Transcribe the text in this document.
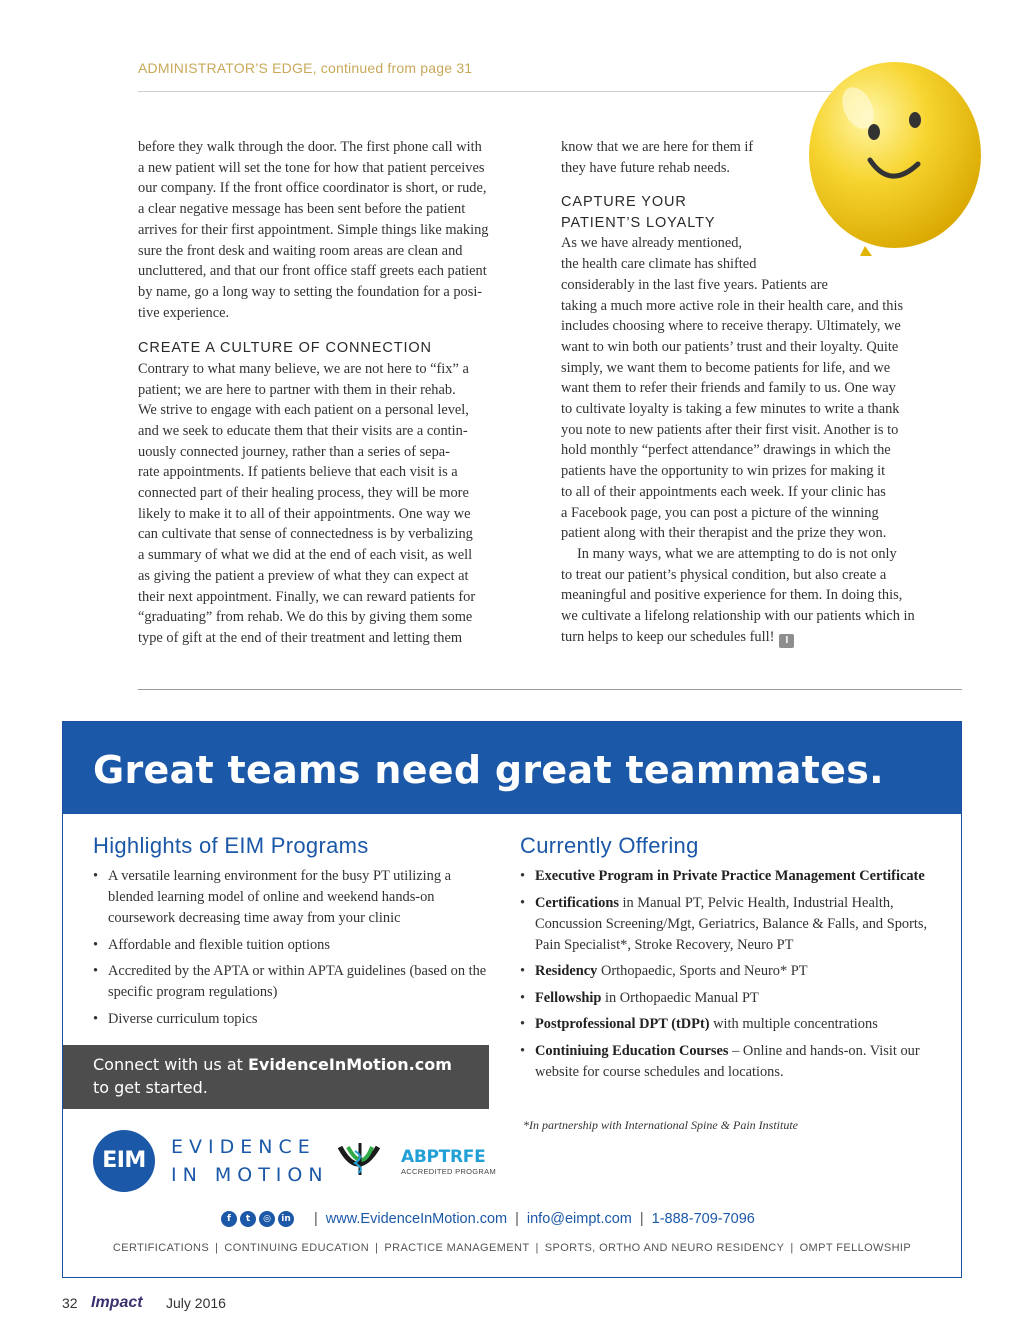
ADMINISTRATOR’S EDGE, continued from page 31

before they walk through the door. The first phone call with
a new patient will set the tone for how that patient perceives
our company. If the front office coordinator is short, or rude,
a clear negative message has been sent before the patient
arrives for their first appointment. Simple things like making
sure the front desk and waiting room areas are clean and
uncluttered, and that our front office staff greets each patient
by name, go a long way to setting the foundation for a posi-
tive experience.

CREATE A CULTURE OF CONNECTION

Contrary to what many believe, we are not here to “fix” a
patient; we are here to partner with them in their rehab.
We strive to engage with each patient on a personal level,
and we seek to educate them that their visits are a contin-
uously connected journey, rather than a series of sepa-
rate appointments. If patients believe that each visit is a
connected part of their healing process, they will be more
likely to make it to all of their appointments. One way we
can cultivate that sense of connectedness is by verbalizing
a summary of what we did at the end of each visit, as well
as giving the patient a preview of what they can expect at
their next appointment. Finally, we can reward patients for
“graduating” from rehab. We do this by giving them some
type of gift at the end of their treatment and letting them

know that we are here for them if
they have future rehab needs.

CAPTURE YOUR
PATIENT’S LOYALTY

As we have already mentioned,
the health care climate has shifted
considerably in the last five years. Patients are
taking a much more active role in their health care, and this
includes choosing where to receive therapy. Ultimately, we
want to win both our patients’ trust and their loyalty. Quite
simply, we want them to become patients for life, and we
want them to refer their friends and family to us. One way
to cultivate loyalty is taking a few minutes to write a thank
you note to new patients after their first visit. Another is to
hold monthly “perfect attendance” drawings in which the
patients have the opportunity to win prizes for making it
to all of their appointments each week. If your clinic has
a Facebook page, you can post a picture of the winning
patient along with their therapist and the prize they won.

In many ways, what we are attempting to do is not only
to treat our patient’s physical condition, but also create a
meaningful and positive experience for them. In doing this,
we cultivate a lifelong relationship with our patients which in
turn helps to keep our schedules full! I

Great teams need great teammates.
Highlights of EIM Programs
• A versatile learning environment for the busy PT utilizing a blended learning model of online and weekend hands-on coursework decreasing time away from your clinic
• Affordable and flexible tuition options
• Accredited by the APTA or within APTA guidelines (based on the specific program regulations)
• Diverse curriculum topics
Currently Offering
• Executive Program in Private Practice Management Certificate
• Certifications in Manual PT, Pelvic Health, Industrial Health, Concussion Screening/Mgt, Geriatrics, Balance & Falls, and Sports, Pain Specialist*, Stroke Recovery, Neuro PT
• Residency Orthopaedic, Sports and Neuro* PT
• Fellowship in Orthopaedic Manual PT
• Postprofessional DPT (tDPt) with multiple concentrations
• Continiuing Education Courses – Online and hands-on. Visit our website for course schedules and locations.
*In partnership with International Spine & Pain Institute
Connect with us at EvidenceInMotion.com
to get started.
EIM
EVIDENCE
IN MOTION
ABPTRFE
ACCREDITED PROGRAM
f	t	◎	in	| www.EvidenceInMotion.com | info@eimpt.com | 1-888-709-7096
CERTIFICATIONS | CONTINUING EDUCATION | PRACTICE MANAGEMENT | SPORTS, ORTHO AND NEURO RESIDENCY | OMPT FELLOWSHIP
32 Impact July 2016
